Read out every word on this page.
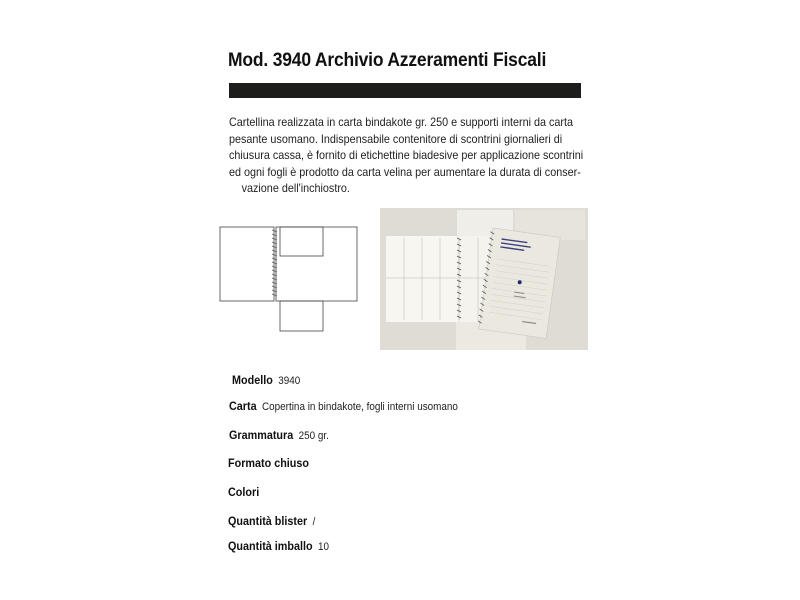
Mod. 3940 Archivio Azzeramenti Fiscali
Cartellina realizzata in carta bindakote gr. 250 e supporti interni da carta
pesante usomano. Indispensabile contenitore di scontrini giornalieri di
chiusura cassa, è fornito di etichettine biadesive per applicazione scontrini
ed ogni fogli è prodotto da carta velina per aumentare la durata di conser-
vazione dell'inchiostro.
Modello 3940
Carta Copertina in bindakote, fogli interni usomano
Grammatura 250 gr.
Formato chiuso
Colori
Quantità blister /
Quantità imballo 10
